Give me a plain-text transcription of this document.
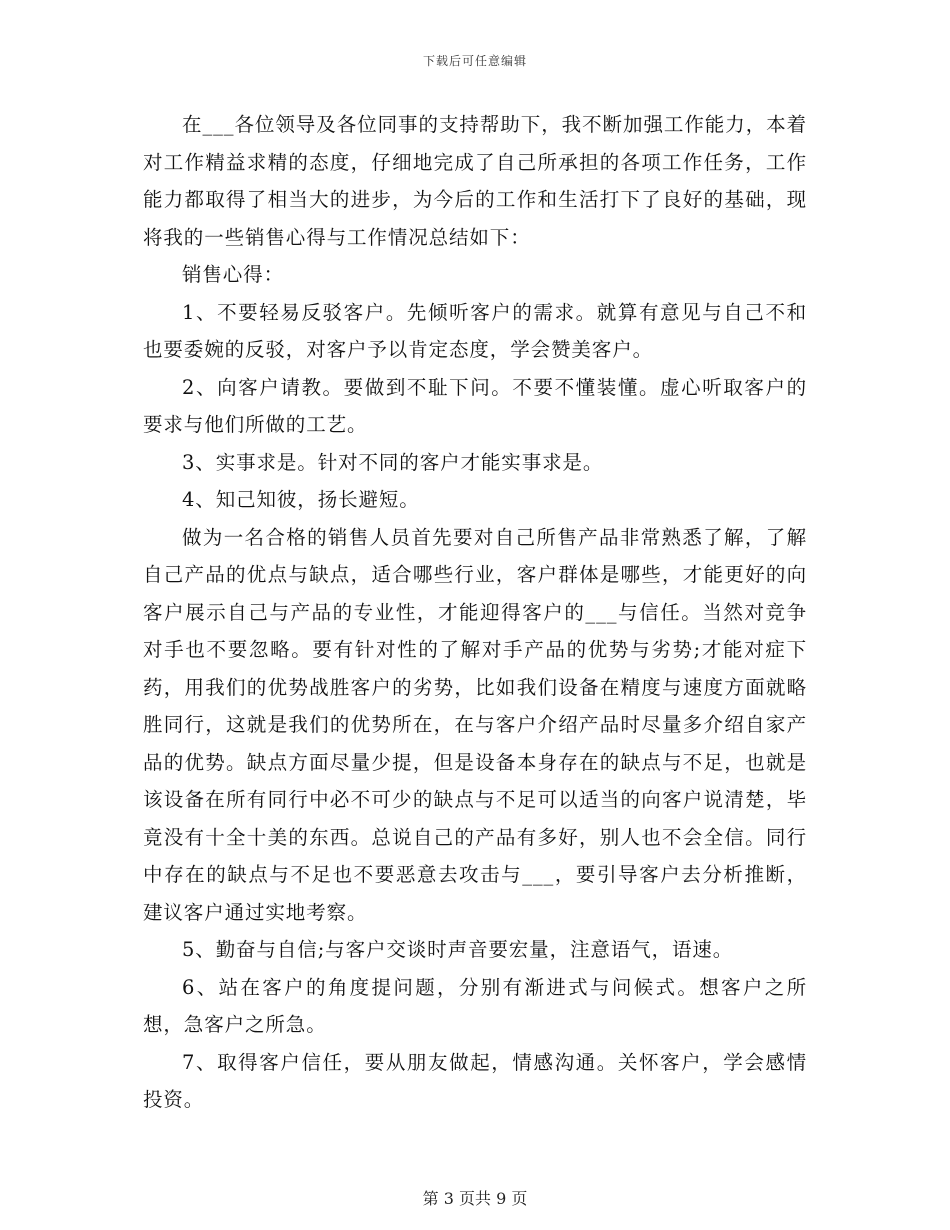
下载后可任意编辑

在___各位领导及各位同事的支持帮助下，我不断加强工作能力，本着对工作精益求精的态度，仔细地完成了自己所承担的各项工作任务，工作能力都取得了相当大的进步，为今后的工作和生活打下了良好的基础，现将我的一些销售心得与工作情况总结如下：

销售心得：

1、不要轻易反驳客户。先倾听客户的需求。就算有意见与自己不和也要委婉的反驳，对客户予以肯定态度，学会赞美客户。

2、向客户请教。要做到不耻下问。不要不懂装懂。虚心听取客户的要求与他们所做的工艺。

3、实事求是。针对不同的客户才能实事求是。

4、知己知彼，扬长避短。

做为一名合格的销售人员首先要对自己所售产品非常熟悉了解，了解自己产品的优点与缺点，适合哪些行业，客户群体是哪些，才能更好的向客户展示自己与产品的专业性，才能迎得客户的___与信任。当然对竞争对手也不要忽略。要有针对性的了解对手产品的优势与劣势;才能对症下药，用我们的优势战胜客户的劣势，比如我们设备在精度与速度方面就略胜同行，这就是我们的优势所在，在与客户介绍产品时尽量多介绍自家产品的优势。缺点方面尽量少提，但是设备本身存在的缺点与不足，也就是该设备在所有同行中必不可少的缺点与不足可以适当的向客户说清楚，毕竟没有十全十美的东西。总说自己的产品有多好，别人也不会全信。同行中存在的缺点与不足也不要恶意去攻击与___，要引导客户去分析推断，建议客户通过实地考察。

5、勤奋与自信;与客户交谈时声音要宏量，注意语气，语速。

6、站在客户的角度提问题，分别有渐进式与问候式。想客户之所想，急客户之所急。

7、取得客户信任，要从朋友做起，情感沟通。关怀客户，学会感情投资。

第 3 页共 9 页
